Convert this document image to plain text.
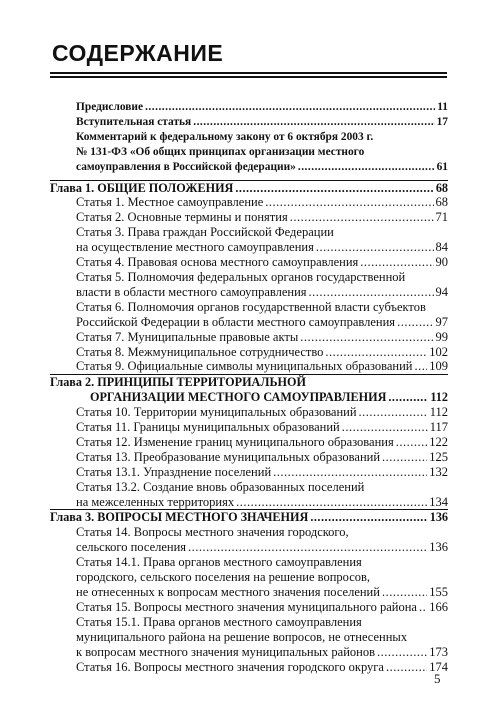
СОДЕРЖАНИЕ
Предисловие .....	11
Вступительная статья .....	17
Комментарий к федеральному закону от 6 октября 2003 г.
№ 131-ФЗ «Об общих принципах организации местного
самоуправления в Российской федерации» .....	61
Глава 1. ОБЩИЕ ПОЛОЖЕНИЯ .....	68
Статья 1. Местное самоуправление .....	68
Статья 2. Основные термины и понятия .....	71
Статья 3. Права граждан Российской Федерации
на осуществление местного самоуправления .....	84
Статья 4. Правовая основа местного самоуправления .....	90
Статья 5. Полномочия федеральных органов государственной
власти в области местного самоуправления .....	94
Статья 6. Полномочия органов государственной власти субъектов
Российской Федерации в области местного самоуправления .....	97
Статья 7. Муниципальные правовые акты .....	99
Статья 8. Межмуниципальное сотрудничество .....	102
Статья 9. Официальные символы муниципальных образований ..... 109
Глава 2. ПРИНЦИПЫ ТЕРРИТОРИАЛЬНОЙ
ОРГАНИЗАЦИИ МЕСТНОГО САМОУПРАВЛЕНИЯ .....	112
Статья 10. Территории муниципальных образований .....	112
Статья 11. Границы муниципальных образований .....	117
Статья 12. Изменение границ муниципального образования .....	122
Статья 13. Преобразование муниципальных образований .....	125
Статья 13.1. Упразднение поселений .....	132
Статья 13.2. Создание вновь образованных поселений
на межселенных территориях .....	134
Глава 3. ВОПРОСЫ МЕСТНОГО ЗНАЧЕНИЯ .....	136
Статья 14. Вопросы местного значения городского,
сельского поселения .....	136
Статья 14.1. Права органов местного самоуправления
городского, сельского поселения на решение вопросов,
не отнесенных к вопросам местного значения поселений .....	155
Статья 15. Вопросы местного значения муниципального района ..... 166
Статья 15.1. Права органов местного самоуправления
муниципального района на решение вопросов, не отнесенных
к вопросам местного значения муниципальных районов .....	173
Статья 16. Вопросы местного значения городского округа .....	174
5
